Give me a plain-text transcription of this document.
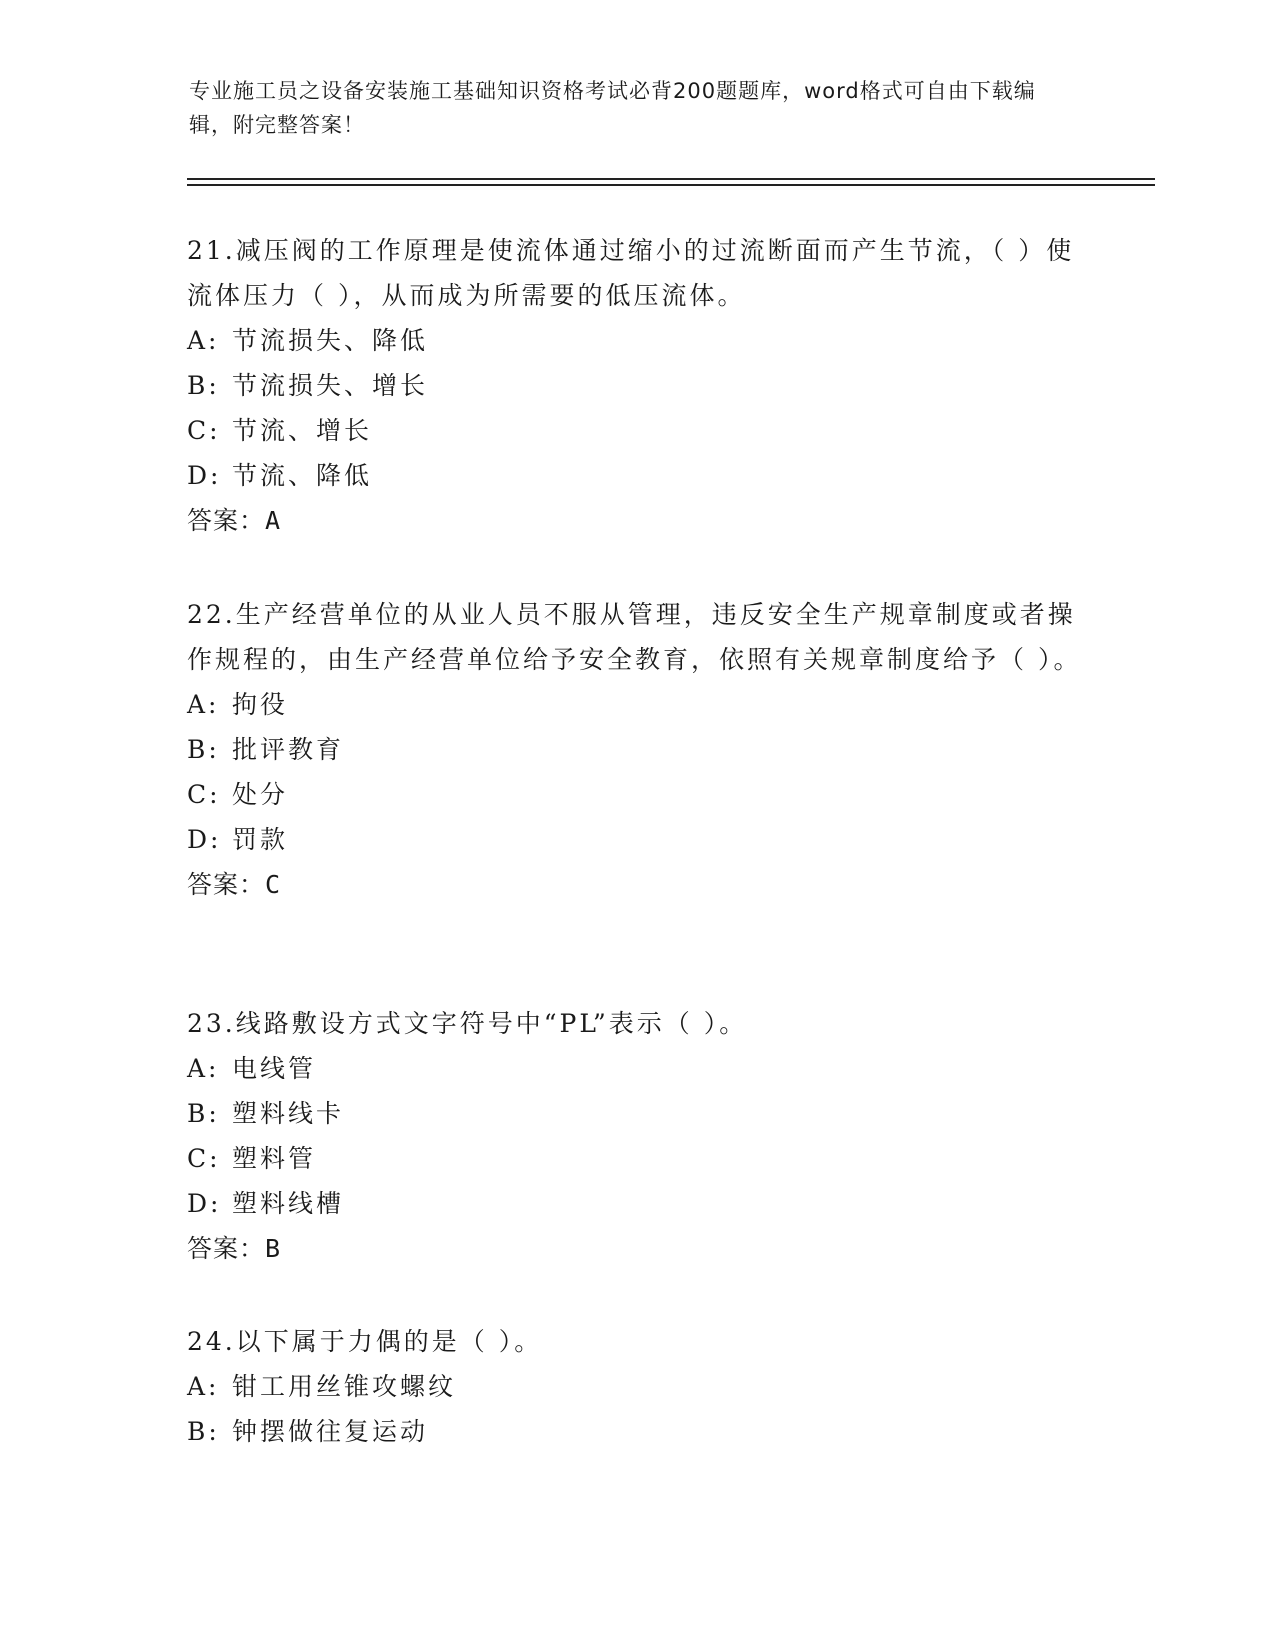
专业施工员之设备安装施工基础知识资格考试必背200题题库，word格式可自由下载编辑，附完整答案！

21.减压阀的工作原理是使流体通过缩小的过流断面而产生节流，（ ）使流体压力（ ），从而成为所需要的低压流体。

A: 节流损失、降低
B: 节流损失、增长
C: 节流、增长
D: 节流、降低

答案：A

22.生产经营单位的从业人员不服从管理，违反安全生产规章制度或者操作规程的，由生产经营单位给予安全教育，依照有关规章制度给予（ ）。

A: 拘役
B: 批评教育
C: 处分
D: 罚款

答案：C

23.线路敷设方式文字符号中“PL”表示（ ）。

A: 电线管
B: 塑料线卡
C: 塑料管
D: 塑料线槽

答案：B

24.以下属于力偶的是（ ）。

A: 钳工用丝锥攻螺纹
B: 钟摆做往复运动
